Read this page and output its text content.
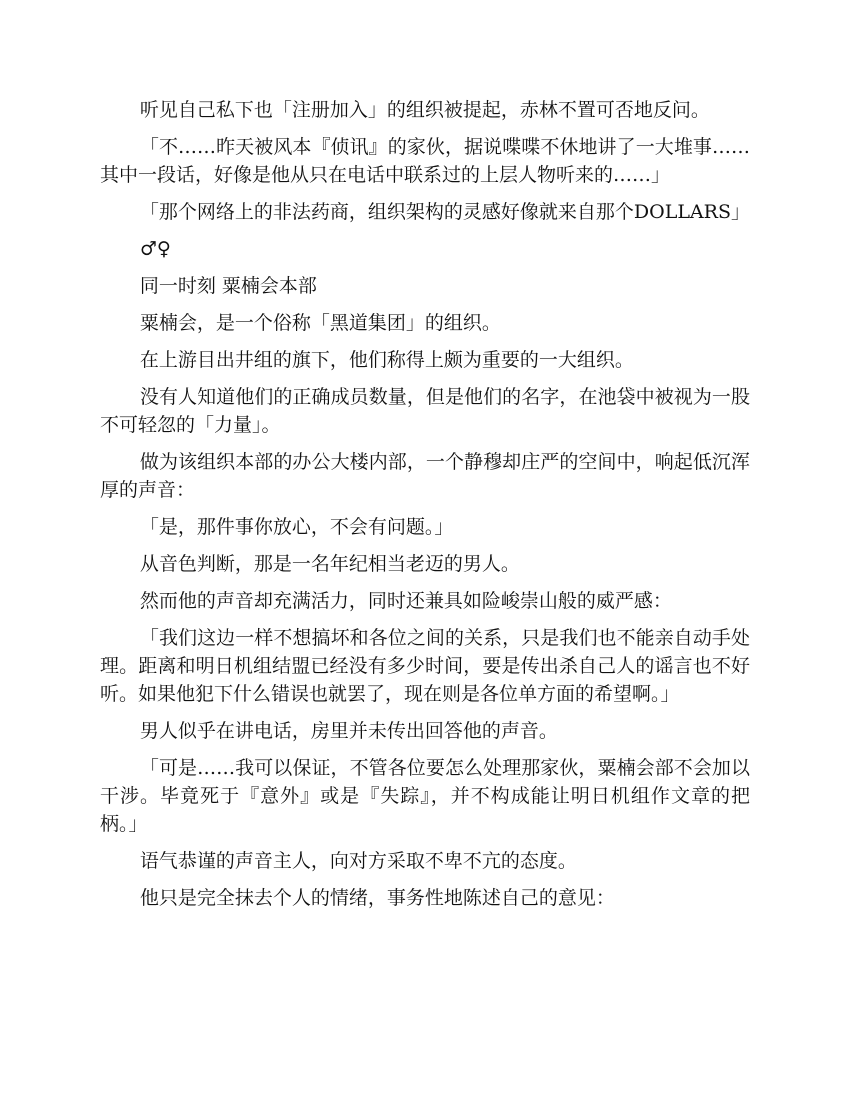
听见自己私下也「注册加入」的组织被提起，赤林不置可否地反问。

「不……昨天被风本『侦讯』的家伙，据说喋喋不休地讲了一大堆事……其中一段话，好像是他从只在电话中联系过的上层人物听来的……」

「那个网络上的非法药商，组织架构的灵感好像就来自那个DOLLARS」

♂♀

同一时刻 粟楠会本部

粟楠会，是一个俗称「黑道集团」的组织。

在上游目出井组的旗下，他们称得上颇为重要的一大组织。

没有人知道他们的正确成员数量，但是他们的名字，在池袋中被视为一股不可轻忽的「力量」。

做为该组织本部的办公大楼内部，一个静穆却庄严的空间中，响起低沉浑厚的声音：

「是，那件事你放心，不会有问题。」

从音色判断，那是一名年纪相当老迈的男人。

然而他的声音却充满活力，同时还兼具如险峻崇山般的威严感：

「我们这边一样不想搞坏和各位之间的关系，只是我们也不能亲自动手处理。距离和明日机组结盟已经没有多少时间，要是传出杀自己人的谣言也不好听。如果他犯下什么错误也就罢了，现在则是各位单方面的希望啊。」

男人似乎在讲电话，房里并未传出回答他的声音。

「可是……我可以保证，不管各位要怎么处理那家伙，粟楠会部不会加以干涉。毕竟死于『意外』或是『失踪』，并不构成能让明日机组作文章的把柄。」

语气恭谨的声音主人，向对方采取不卑不亢的态度。

他只是完全抹去个人的情绪，事务性地陈述自己的意见：
